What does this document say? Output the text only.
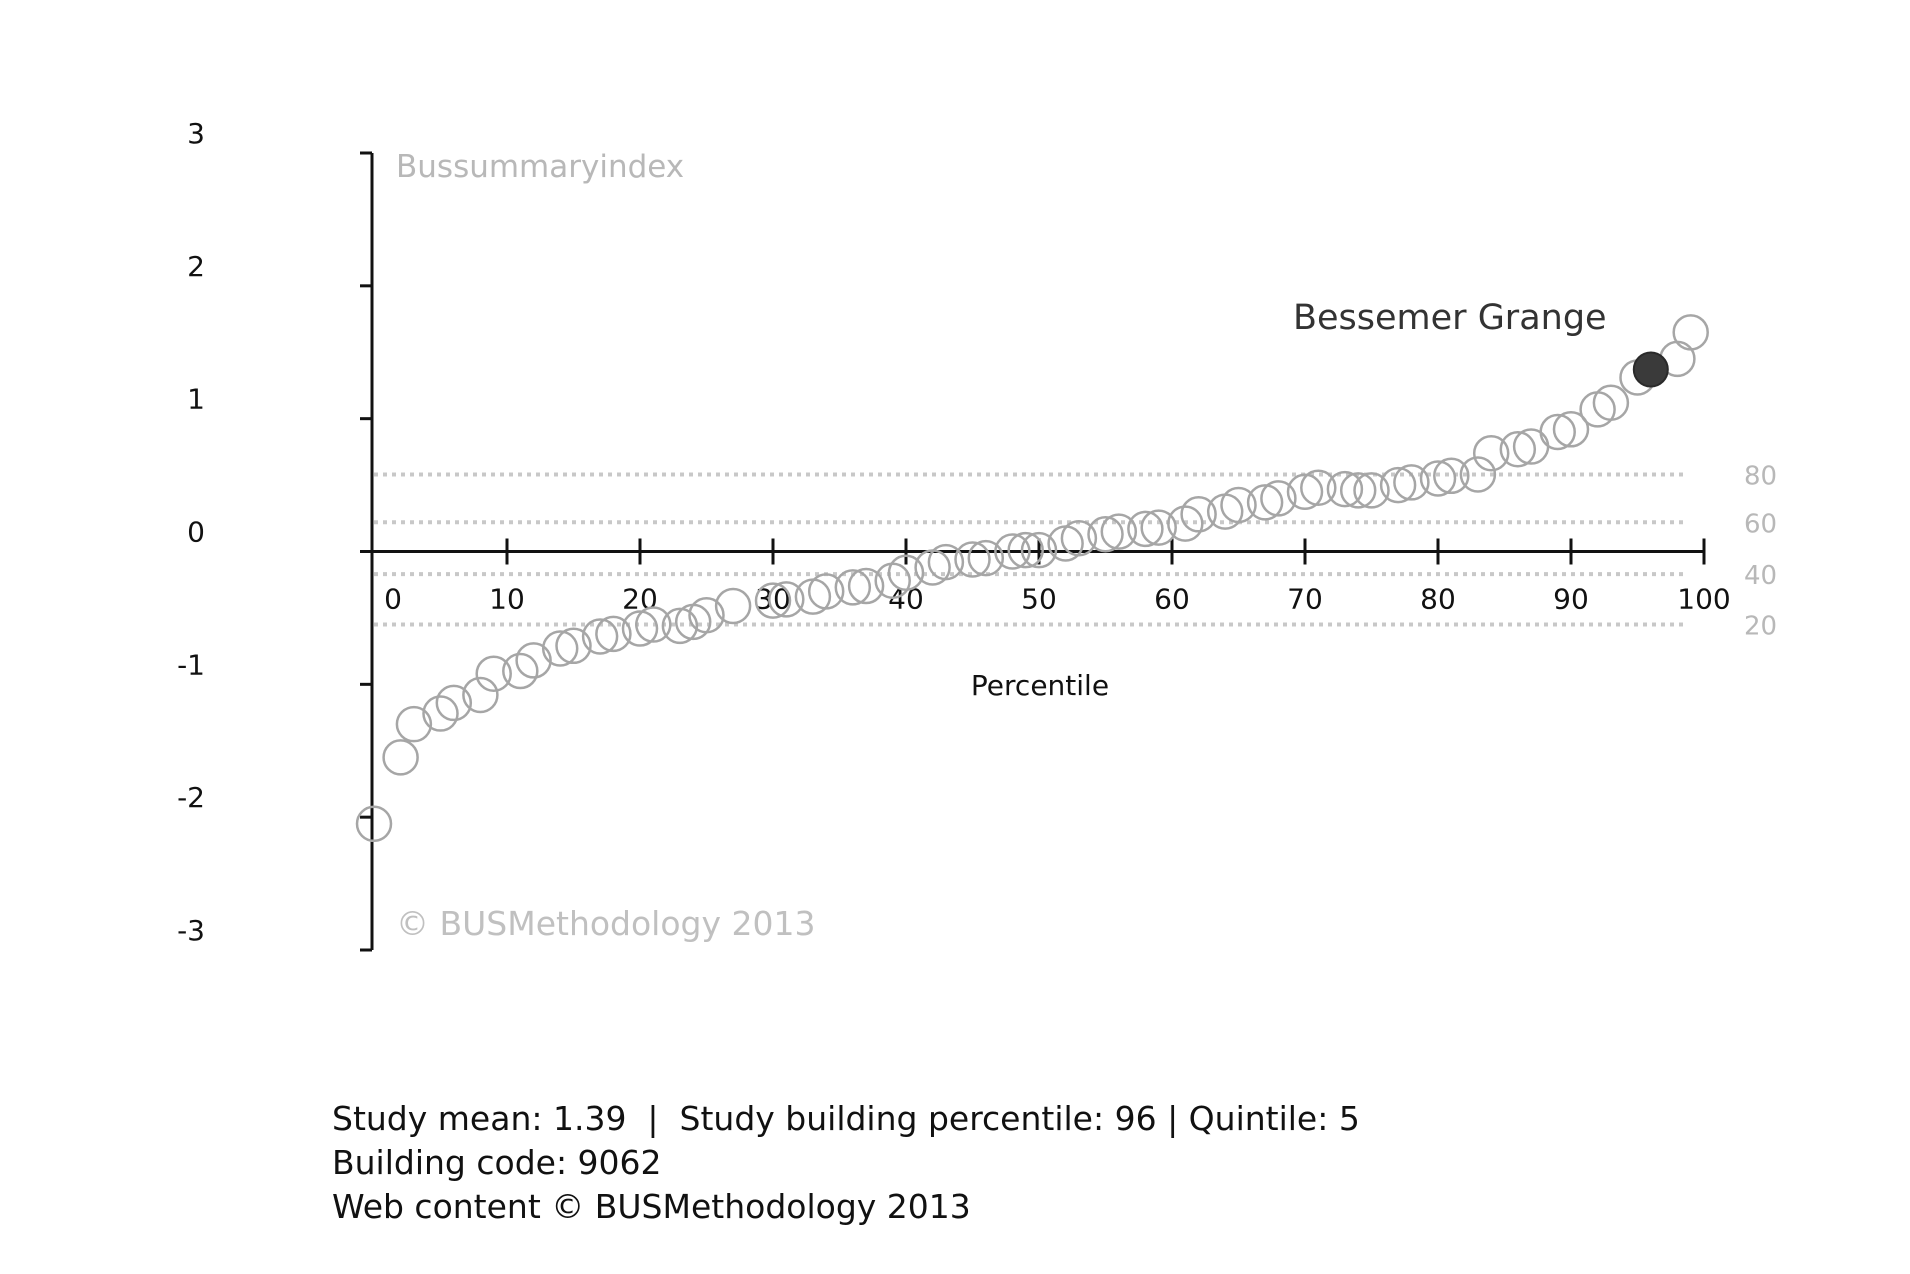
80
60
40
20
3
2
1
0
-1
-2
-3
0	10	20	30	40	50	60	70	80	90	100
Bussummaryindex
© BUSMethodology 2013
Percentile
Bessemer Grange
Study mean: 1.39  |  Study building percentile: 96 | Quintile: 5
Building code: 9062
Web content © BUSMethodology 2013
